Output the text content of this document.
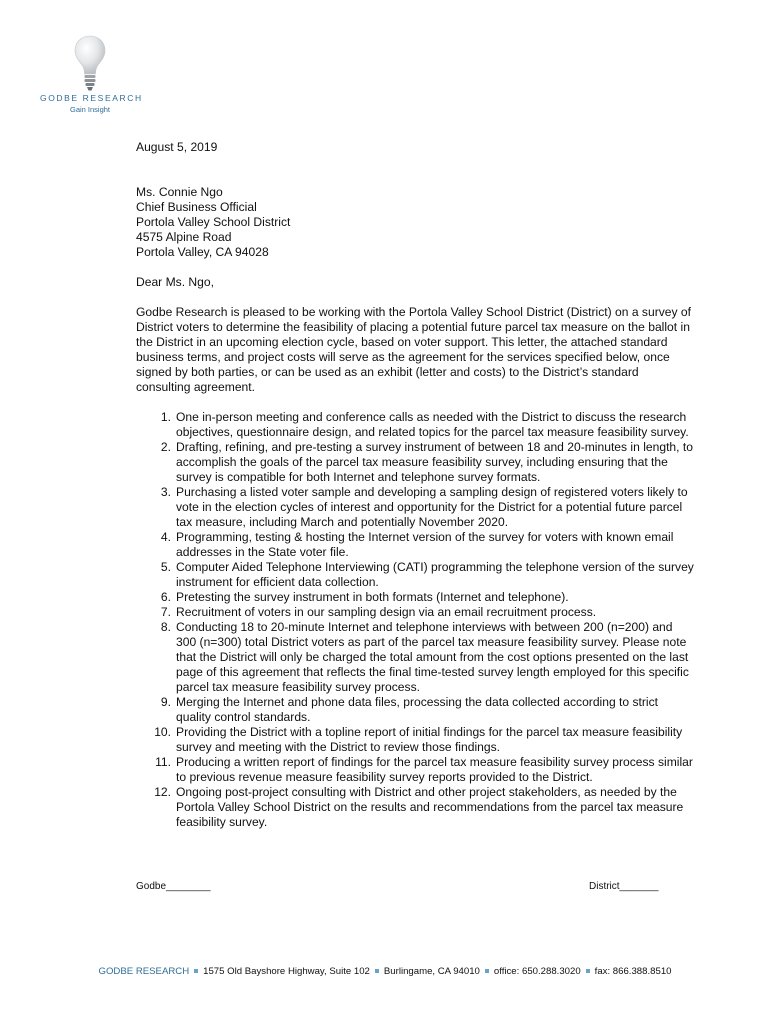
GODBE RESEARCH
Gain Insight

August 5, 2019

Ms. Connie Ngo

Chief Business Official

Portola Valley School District

4575 Alpine Road

Portola Valley, CA 94028

Dear Ms. Ngo,

Godbe Research is pleased to be working with the Portola Valley School District (District) on a survey of District voters to determine the feasibility of placing a potential future parcel tax measure on the ballot in the District in an upcoming election cycle, based on voter support. This letter, the attached standard business terms, and project costs will serve as the agreement for the services specified below, once signed by both parties, or can be used as an exhibit (letter and costs) to the District’s standard consulting agreement.

1. One in-person meeting and conference calls as needed with the District to discuss the research objectives, questionnaire design, and related topics for the parcel tax measure feasibility survey.
2. Drafting, refining, and pre-testing a survey instrument of between 18 and 20-minutes in length, to accomplish the goals of the parcel tax measure feasibility survey, including ensuring that the survey is compatible for both Internet and telephone survey formats.
3. Purchasing a listed voter sample and developing a sampling design of registered voters likely to vote in the election cycles of interest and opportunity for the District for a potential future parcel tax measure, including March and potentially November 2020.
4. Programming, testing & hosting the Internet version of the survey for voters with known email addresses in the State voter file.
5. Computer Aided Telephone Interviewing (CATI) programming the telephone version of the survey instrument for efficient data collection.
6. Pretesting the survey instrument in both formats (Internet and telephone).
7. Recruitment of voters in our sampling design via an email recruitment process.
8. Conducting 18 to 20-minute Internet and telephone interviews with between 200 (n=200) and 300 (n=300) total District voters as part of the parcel tax measure feasibility survey. Please note that the District will only be charged the total amount from the cost options presented on the last page of this agreement that reflects the final time-tested survey length employed for this specific parcel tax measure feasibility survey process.
9. Merging the Internet and phone data files, processing the data collected according to strict quality control standards.
10. Providing the District with a topline report of initial findings for the parcel tax measure feasibility survey and meeting with the District to review those findings.
11. Producing a written report of findings for the parcel tax measure feasibility survey process similar to previous revenue measure feasibility survey reports provided to the District.
12. Ongoing post-project consulting with District and other project stakeholders, as needed by the Portola Valley School District on the results and recommendations from the parcel tax measure feasibility survey.
Godbe________	District_______
GODBE RESEARCH 1575 Old Bayshore Highway, Suite 102 Burlingame, CA 94010 office: 650.288.3020 fax: 866.388.8510
